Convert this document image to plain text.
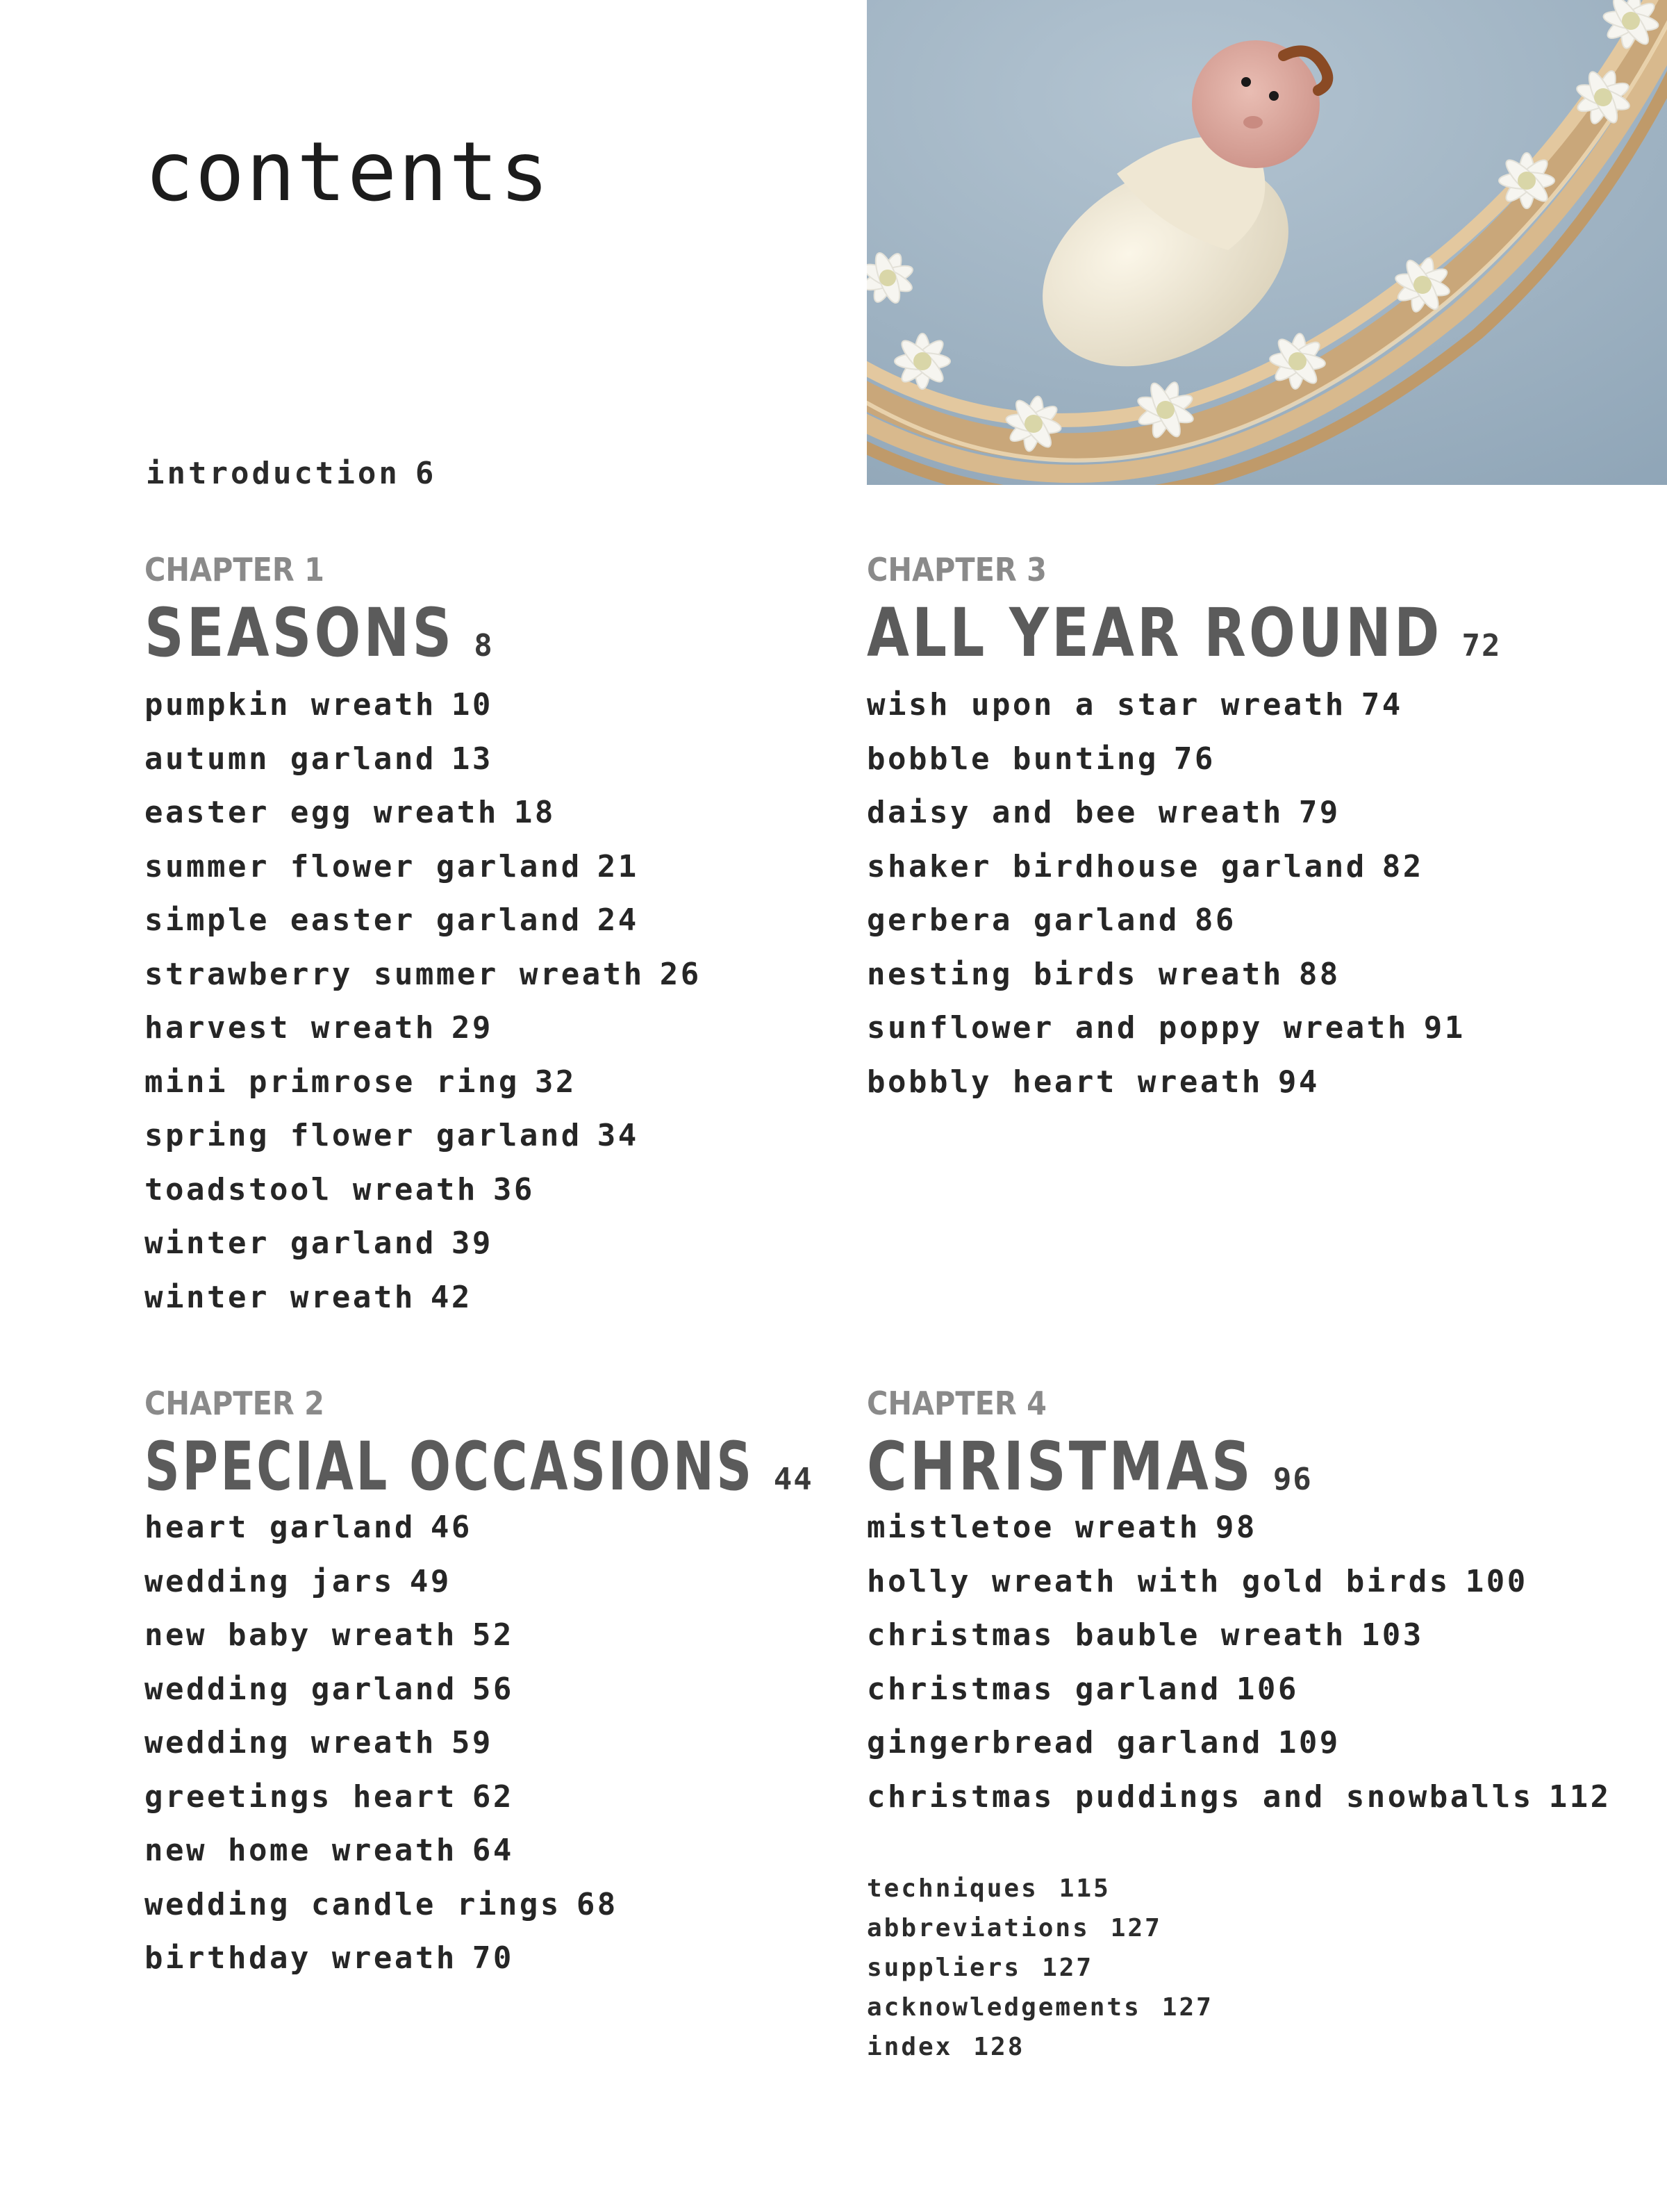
contents
introduction 6
CHAPTER 1
SEASONS 8
pumpkin wreath 10
autumn garland 13
easter egg wreath 18
summer flower garland 21
simple easter garland 24
strawberry summer wreath 26
harvest wreath 29
mini primrose ring 32
spring flower garland 34
toadstool wreath 36
winter garland 39
winter wreath 42
CHAPTER 2
SPECIAL OCCASIONS 44
heart garland 46
wedding jars 49
new baby wreath 52
wedding garland 56
wedding wreath 59
greetings heart 62
new home wreath 64
wedding candle rings 68
birthday wreath 70
CHAPTER 3
ALL YEAR ROUND 72
wish upon a star wreath 74
bobble bunting 76
daisy and bee wreath 79
shaker birdhouse garland 82
gerbera garland 86
nesting birds wreath 88
sunflower and poppy wreath 91
bobbly heart wreath 94
CHAPTER 4
CHRISTMAS 96
mistletoe wreath 98
holly wreath with gold birds 100
christmas bauble wreath 103
christmas garland 106
gingerbread garland 109
christmas puddings and snowballs 112
techniques 115
abbreviations 127
suppliers 127
acknowledgements 127
index 128
